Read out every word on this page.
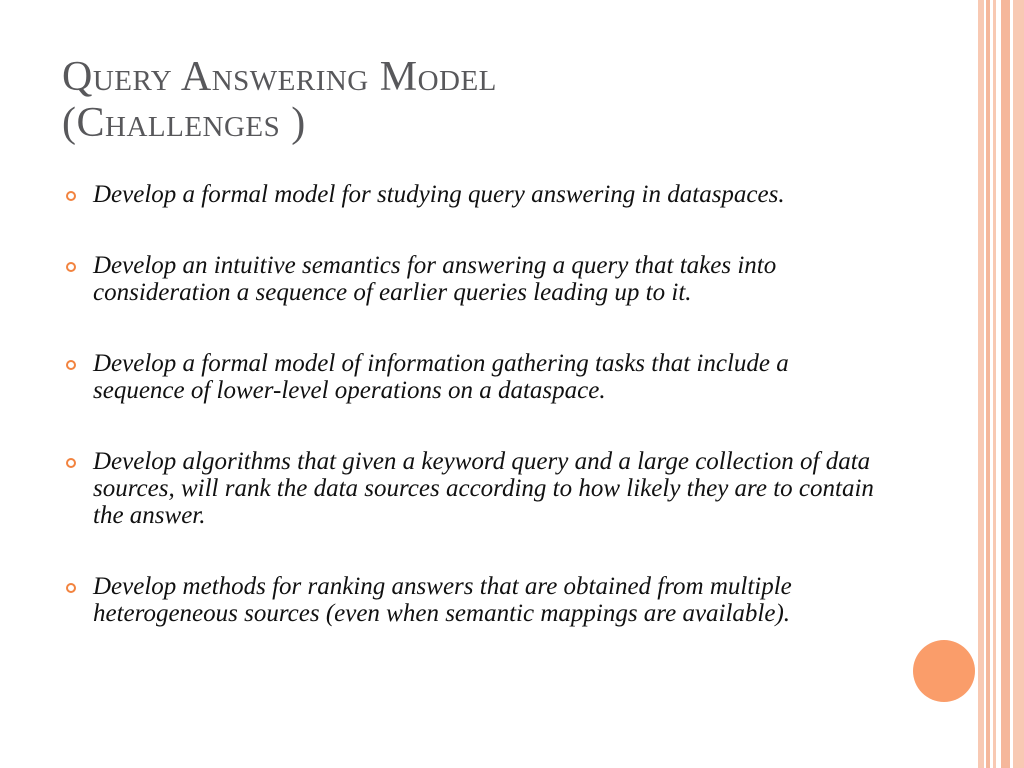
Query Answering Model
(Challenges )
Develop a formal model for studying query answering in dataspaces.
Develop an intuitive semantics for answering a query that takes into consideration a sequence of earlier queries leading up to it.
Develop a formal model of information gathering tasks that include a sequence of lower-level operations on a dataspace.
Develop algorithms that given a keyword query and a large collection of data sources, will rank the data sources according to how likely they are to contain the answer.
Develop methods for ranking answers that are obtained from multiple heterogeneous sources (even when semantic mappings are available).
